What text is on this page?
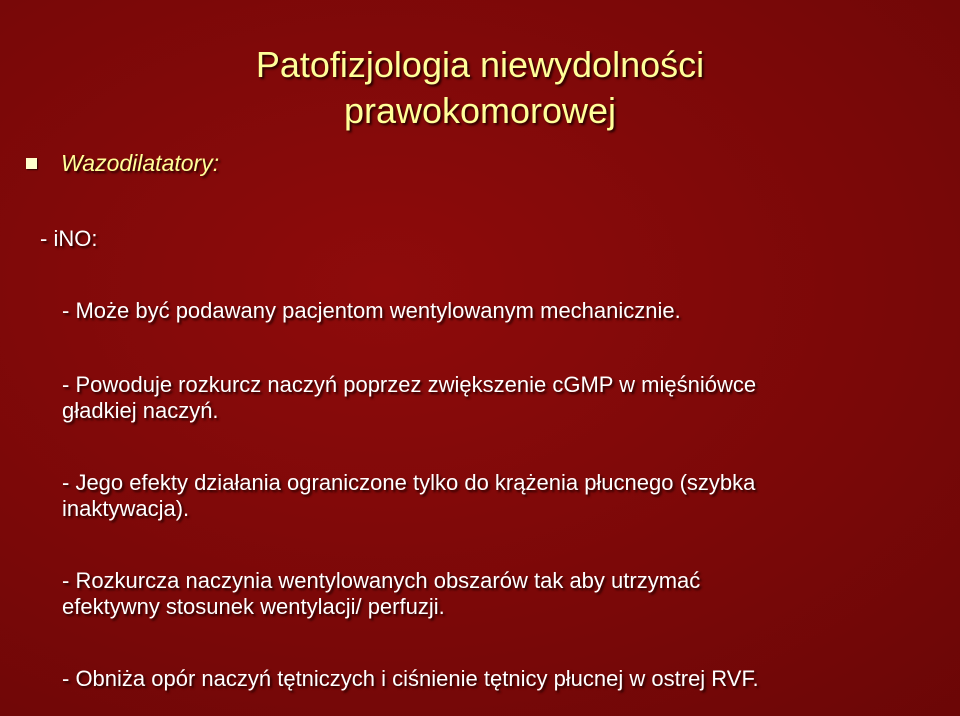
Patofizjologia niewydolności
prawokomorowej
Wazodilatatory:
- iNO:
- Może być podawany pacjentom wentylowanym mechanicznie.
- Powoduje rozkurcz naczyń poprzez zwiększenie cGMP w mięśniówce
gładkiej naczyń.
- Jego efekty działania ograniczone tylko do krążenia płucnego (szybka
inaktywacja).
- Rozkurcza naczynia wentylowanych obszarów tak aby utrzymać
efektywny stosunek wentylacji/ perfuzji.
- Obniża opór naczyń tętniczych i ciśnienie tętnicy płucnej w ostrej RVF.
